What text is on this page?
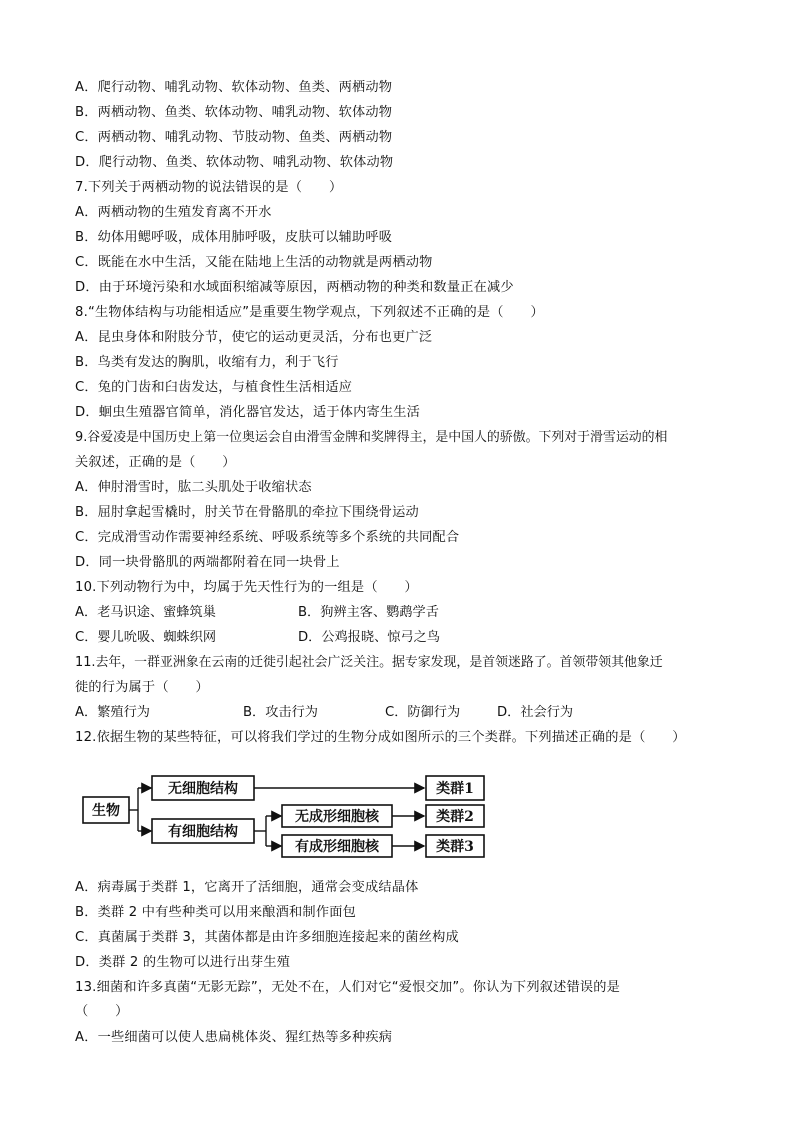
A．爬行动物、哺乳动物、软体动物、鱼类、两栖动物
B．两栖动物、鱼类、软体动物、哺乳动物、软体动物
C．两栖动物、哺乳动物、节肢动物、鱼类、两栖动物
D．爬行动物、鱼类、软体动物、哺乳动物、软体动物
7.下列关于两栖动物的说法错误的是（　　）
A．两栖动物的生殖发育离不开水
B．幼体用鳃呼吸，成体用肺呼吸，皮肤可以辅助呼吸
C．既能在水中生活，又能在陆地上生活的动物就是两栖动物
D．由于环境污染和水域面积缩减等原因，两栖动物的种类和数量正在减少
8.“生物体结构与功能相适应”是重要生物学观点，下列叙述不正确的是（　　）
A．昆虫身体和附肢分节，使它的运动更灵活，分布也更广泛
B．鸟类有发达的胸肌，收缩有力，利于飞行
C．兔的门齿和臼齿发达，与植食性生活相适应
D．蛔虫生殖器官简单，消化器官发达，适于体内寄生生活
9.谷爱凌是中国历史上第一位奥运会自由滑雪金牌和奖牌得主，是中国人的骄傲。下列对于滑雪运动的相
关叙述，正确的是（　　）
A．伸肘滑雪时，肱二头肌处于收缩状态
B．屈肘拿起雪橇时，肘关节在骨骼肌的牵拉下围绕骨运动
C．完成滑雪动作需要神经系统、呼吸系统等多个系统的共同配合
D．同一块骨骼肌的两端都附着在同一块骨上
10.下列动物行为中，均属于先天性行为的一组是（　　）
A．老马识途、蜜蜂筑巢	B．狗辨主客、鹦鹉学舌
C．婴儿吮吸、蜘蛛织网	D．公鸡报晓、惊弓之鸟
11.去年，一群亚洲象在云南的迁徙引起社会广泛关注。据专家发现，是首领迷路了。首领带领其他象迁
徙的行为属于（　　）
A．繁殖行为	B．攻击行为	C．防御行为	D．社会行为
12.依据生物的某些特征，可以将我们学过的生物分成如图所示的三个类群。下列描述正确的是（　　）
生物
无细胞结构
有细胞结构
无成形细胞核
有成形细胞核
类群1
类群2
类群3
A．病毒属于类群 1，它离开了活细胞，通常会变成结晶体
B．类群 2 中有些种类可以用来酿酒和制作面包
C．真菌属于类群 3，其菌体都是由许多细胞连接起来的菌丝构成
D．类群 2 的生物可以进行出芽生殖
13.细菌和许多真菌“无影无踪”，无处不在，人们对它“爱恨交加”。你认为下列叙述错误的是
（　　）
A．一些细菌可以使人患扁桃体炎、猩红热等多种疾病
